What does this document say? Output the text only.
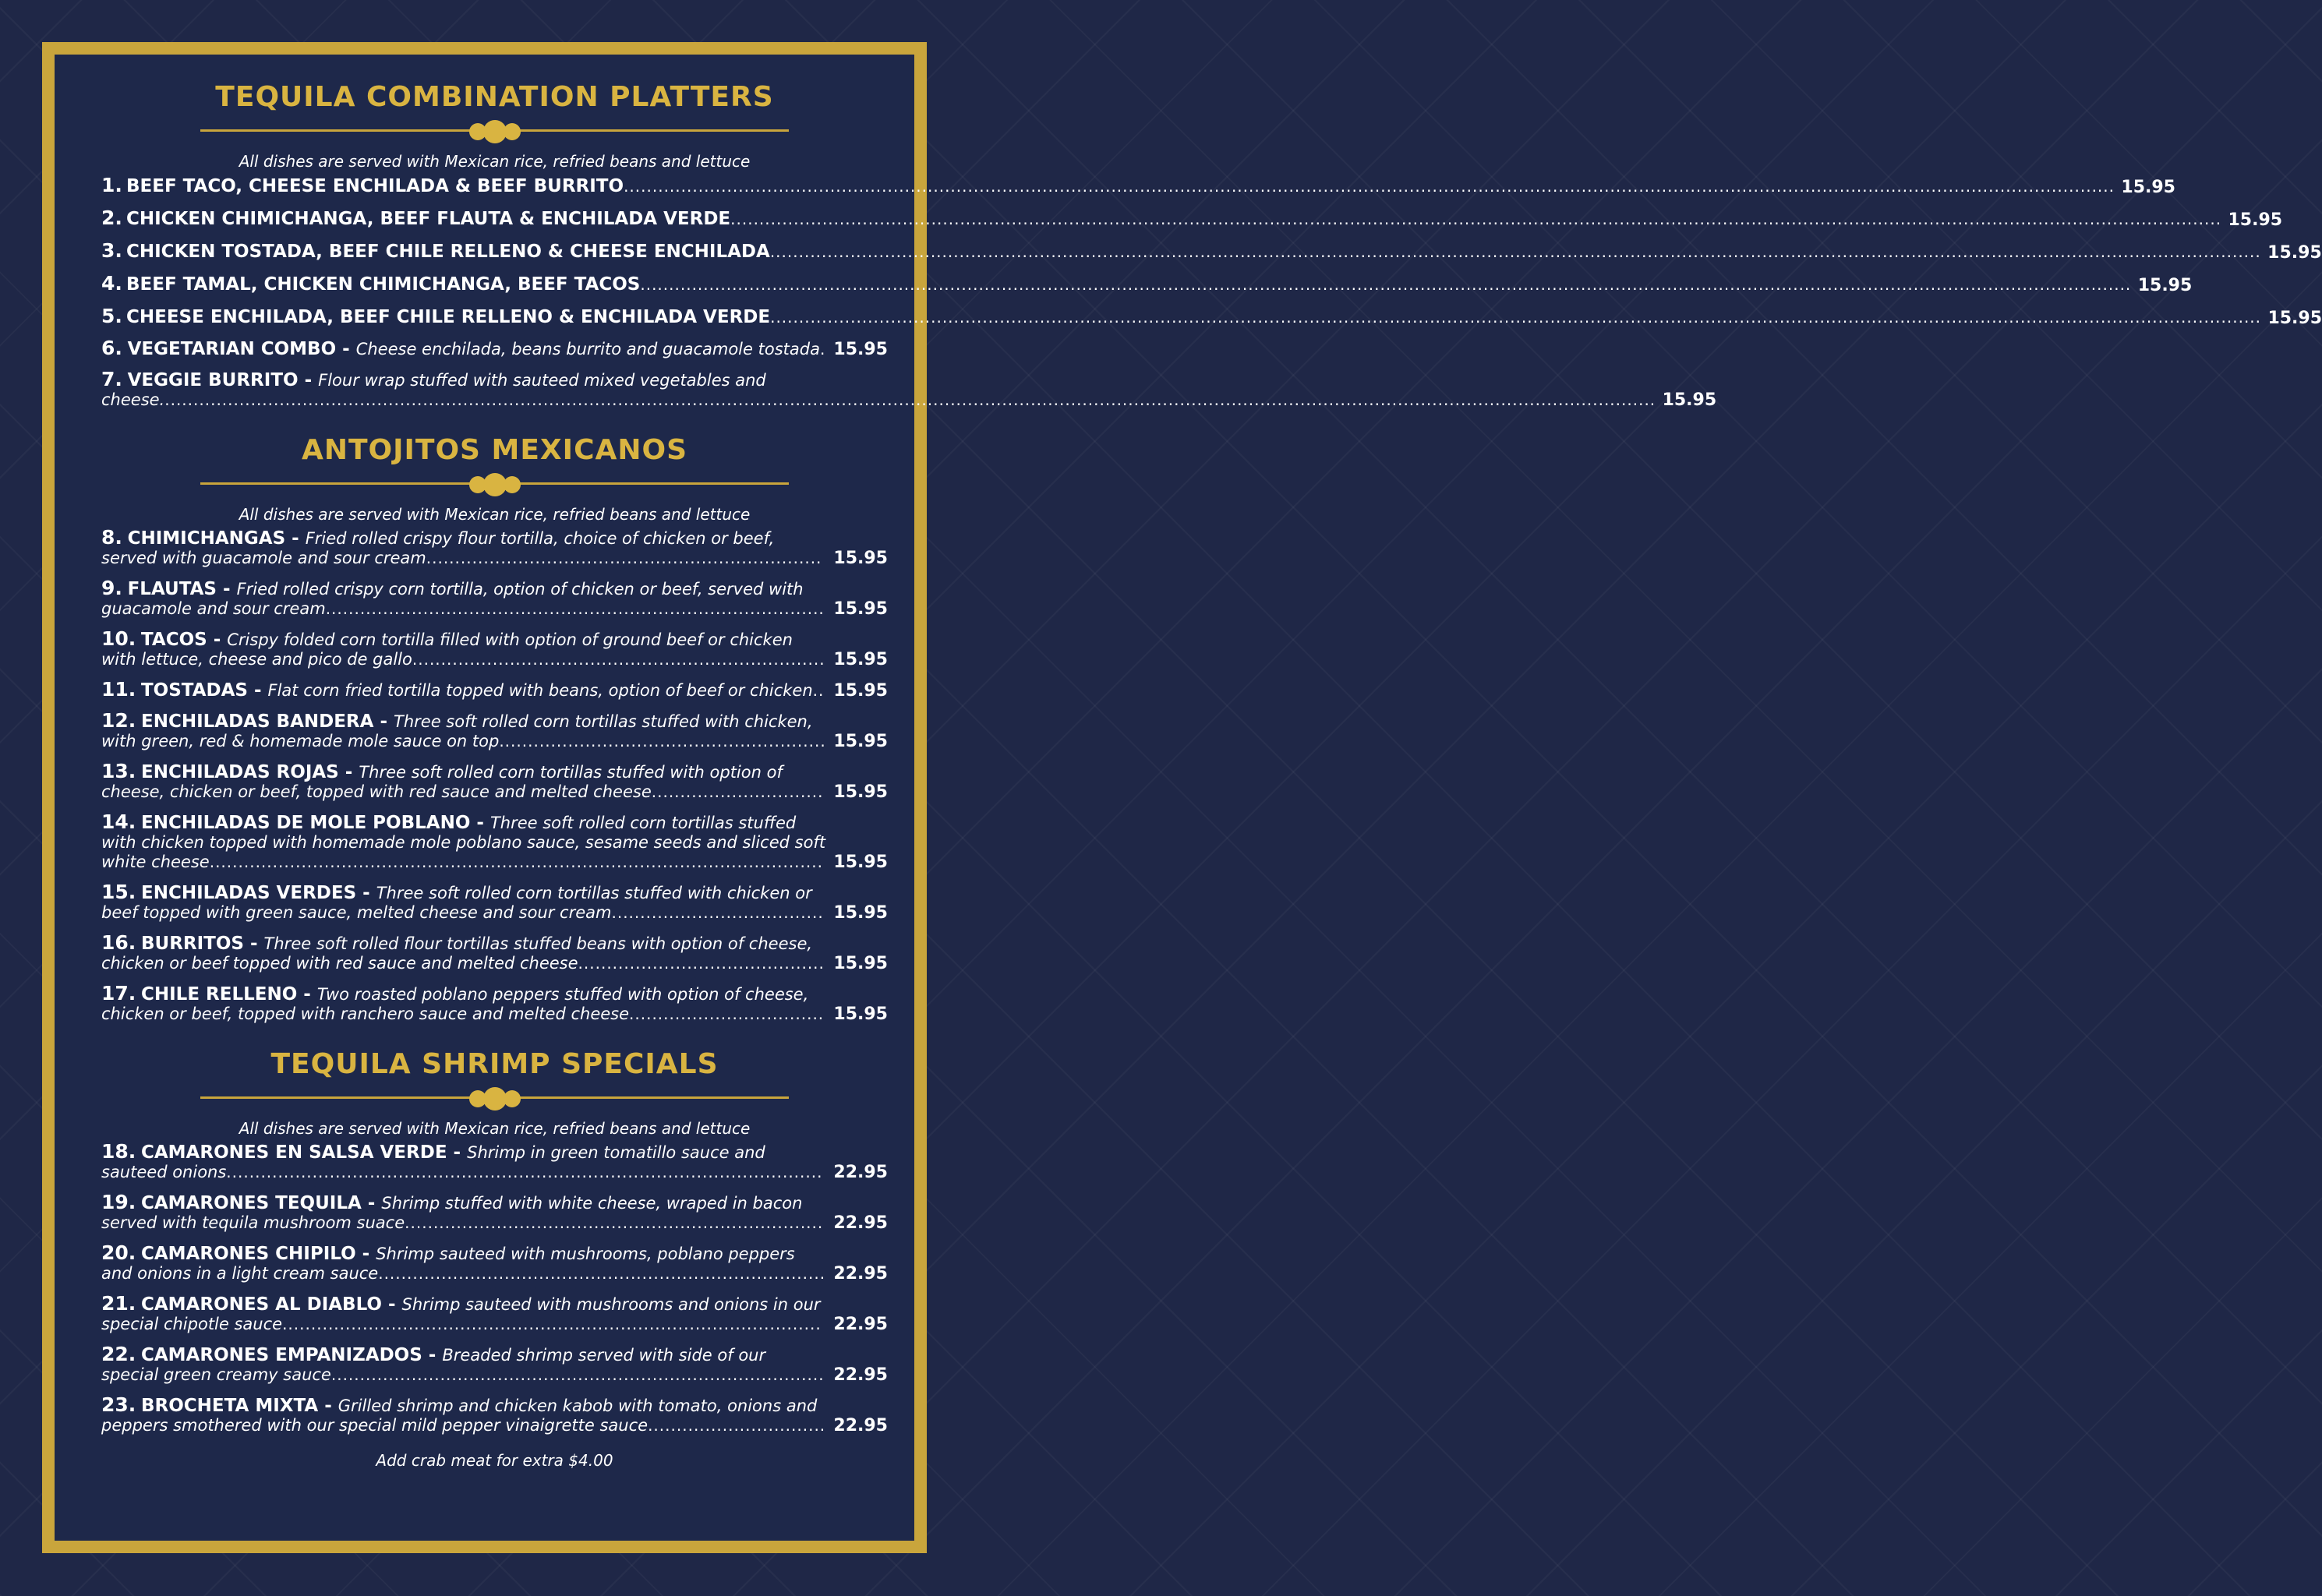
TEQUILA COMBINATION PLATTERS

All dishes are served with Mexican rice, refried beans and lettuce

1. BEEF TACO, CHEESE ENCHILADA & BEEF BURRITO.................................................................................................................................................................................................................................................................... 15.95
2. CHICKEN CHIMICHANGA, BEEF FLAUTA & ENCHILADA VERDE.................................................................................................................................................................................................................................................................... 15.95
3. CHICKEN TOSTADA, BEEF CHILE RELLENO & CHEESE ENCHILADA.................................................................................................................................................................................................................................................................... 15.95
4. BEEF TAMAL, CHICKEN CHIMICHANGA, BEEF TACOS.................................................................................................................................................................................................................................................................... 15.95
5. CHEESE ENCHILADA, BEEF CHILE RELLENO & ENCHILADA VERDE.................................................................................................................................................................................................................................................................... 15.95
6. VEGETARIAN COMBO - Cheese enchilada, beans burrito and guacamole tostada. 15.95
7. VEGGIE BURRITO - Flour wrap stuffed with sauteed mixed vegetables and cheese..................................................................................................................................................................................................................................................................... 15.95
ANTOJITOS MEXICANOS

All dishes are served with Mexican rice, refried beans and lettuce

8. CHIMICHANGAS - Fried rolled crispy flour tortilla, choice of chicken or beef, served with guacamole and sour cream..................................................................... 15.95
9. FLAUTAS - Fried rolled crispy corn tortilla, option of chicken or beef, served with guacamole and sour cream....................................................................................... 15.95
10. TACOS - Crispy folded corn tortilla filled with option of ground beef or chicken with lettuce, cheese and pico de gallo........................................................................ 15.95
11. TOSTADAS - Flat corn fried tortilla topped with beans, option of beef or chicken.. 15.95
12. ENCHILADAS BANDERA - Three soft rolled corn tortillas stuffed with chicken, with green, red & homemade mole sauce on top......................................................... 15.95
13. ENCHILADAS ROJAS - Three soft rolled corn tortillas stuffed with option of cheese, chicken or beef, topped with red sauce and melted cheese.............................. 15.95
14. ENCHILADAS DE MOLE POBLANO - Three soft rolled corn tortillas stuffed with chicken topped with homemade mole poblano sauce, sesame seeds and sliced soft white cheese........................................................................................................... 15.95
15. ENCHILADAS VERDES - Three soft rolled corn tortillas stuffed with chicken or beef topped with green sauce, melted cheese and sour cream..................................... 15.95
16. BURRITOS - Three soft rolled flour tortillas stuffed beans with option of cheese, chicken or beef topped with red sauce and melted cheese........................................... 15.95
17. CHILE RELLENO - Two roasted poblano peppers stuffed with option of cheese, chicken or beef, topped with ranchero sauce and melted cheese.................................. 15.95
TEQUILA SHRIMP SPECIALS

All dishes are served with Mexican rice, refried beans and lettuce

18. CAMARONES EN SALSA VERDE - Shrimp in green tomatillo sauce and sauteed onions........................................................................................................ 22.95
19. CAMARONES TEQUILA - Shrimp stuffed with white cheese, wraped in bacon served with tequila mushroom suace......................................................................... 22.95
20. CAMARONES CHIPILO - Shrimp sauteed with mushrooms, poblano peppers and onions in a light cream sauce.............................................................................. 22.95
21. CAMARONES AL DIABLO - Shrimp sauteed with mushrooms and onions in our special chipotle sauce.............................................................................................. 22.95
22. CAMARONES EMPANIZADOS - Breaded shrimp served with side of our special green creamy sauce...................................................................................... 22.95
23. BROCHETA MIXTA - Grilled shrimp and chicken kabob with tomato, onions and peppers smothered with our special mild pepper vinaigrette sauce............................... 22.95

Add crab meat for extra $4.00
